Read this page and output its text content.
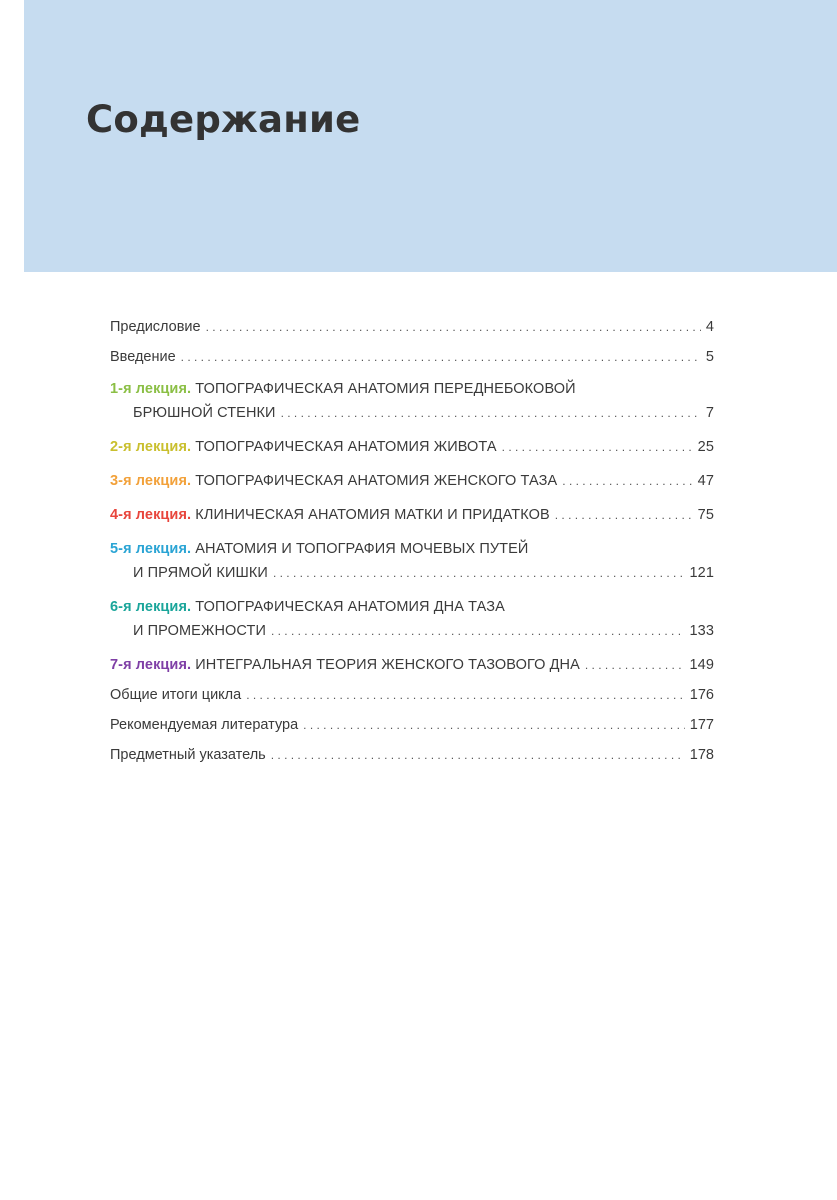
Содержание
Предисловие . . .	4
Введение . . .	5
1-я лекция.
ТОПОГРАФИЧЕСКАЯ АНАТОМИЯ ПЕРЕДНЕБОКОВОЙ
БРЮШНОЙ СТЕНКИ . . .	7
2-я лекция.
ТОПОГРАФИЧЕСКАЯ АНАТОМИЯ ЖИВОТА . . .	25
3-я лекция.
ТОПОГРАФИЧЕСКАЯ АНАТОМИЯ ЖЕНСКОГО ТАЗА . . .	47
4-я лекция.
КЛИНИЧЕСКАЯ АНАТОМИЯ МАТКИ И ПРИДАТКОВ . . .	75
5-я лекция.
АНАТОМИЯ И ТОПОГРАФИЯ МОЧЕВЫХ ПУТЕЙ
И ПРЯМОЙ КИШКИ . . .	121
6-я лекция.
ТОПОГРАФИЧЕСКАЯ АНАТОМИЯ ДНА ТАЗА
И ПРОМЕЖНОСТИ . . .	133
7-я лекция.
ИНТЕГРАЛЬНАЯ ТЕОРИЯ ЖЕНСКОГО ТАЗОВОГО ДНА . . .	149
Общие итоги цикла . . .	176
Рекомендуемая литература . . .	177
Предметный указатель . . .	178
